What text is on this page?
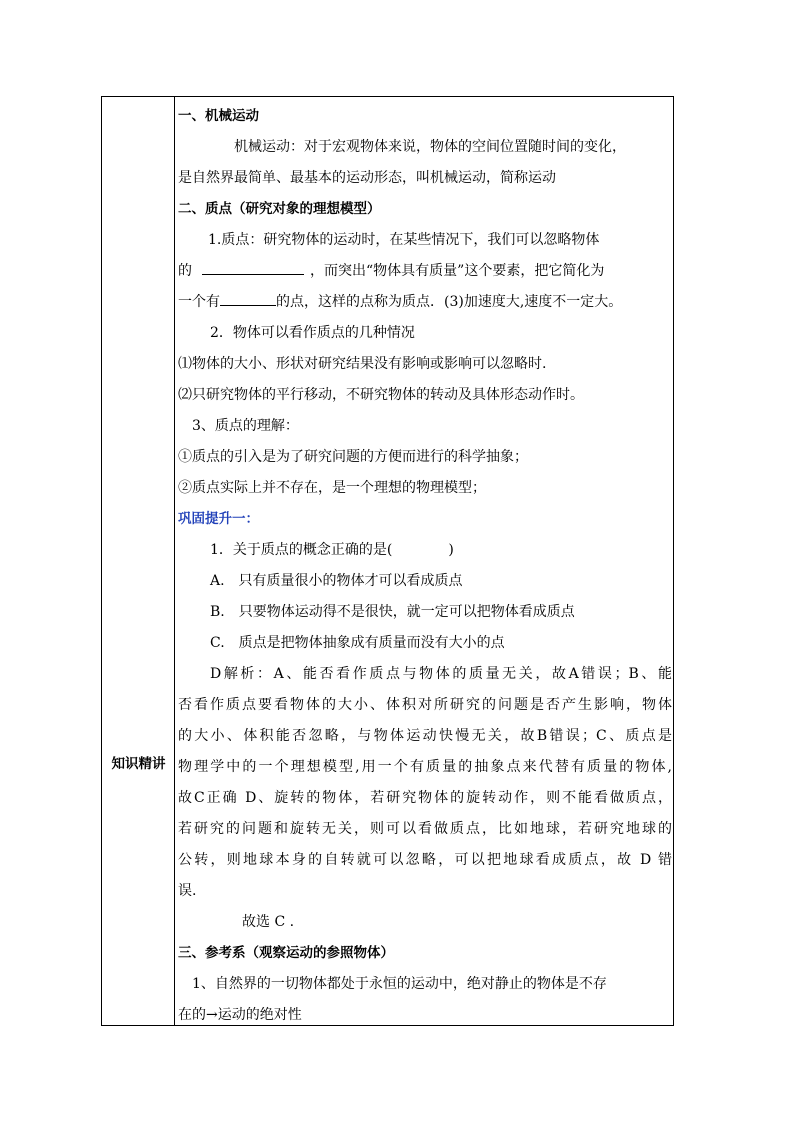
知识精讲
一、机械运动
机械运动：对于宏观物体来说，物体的空间位置随时间的变化，
是自然界最简单、最基本的运动形态，叫机械运动，简称运动
二、质点（研究对象的理想模型）
1.质点：研究物体的运动时，在某些情况下，我们可以忽略物体
的	，而突出“物体具有质量”这个要素，把它简化为
一个有	的点，这样的点称为质点．(3)加速度大,速度不一定大。
2．物体可以看作质点的几种情况
⑴物体的大小、形状对研究结果没有影响或影响可以忽略时.
⑵只研究物体的平行移动，不研究物体的转动及具体形态动作时。
3、质点的理解：
①质点的引入是为了研究问题的方便而进行的科学抽象；
②质点实际上并不存在，是一个理想的物理模型；
巩固提升一：
1．关于质点的概念正确的是(　　　　)
A.　只有质量很小的物体才可以看成质点
B.　只要物体运动得不是很快，就一定可以把物体看成质点
C.　质点是把物体抽象成有质量而没有大小的点
D解析：A、能否看作质点与物体的质量无关，故A错误；B、能
否看作质点要看物体的大小、体积对所研究的问题是否产生影响，物体
的大小、体积能否忽略，与物体运动快慢无关，故B错误；C、质点是
物理学中的一个理想模型,用一个有质量的抽象点来代替有质量的物体,
故C正确 D、旋转的物体，若研究物体的旋转动作，则不能看做质点，
若研究的问题和旋转无关，则可以看做质点，比如地球，若研究地球的
公转，则地球本身的自转就可以忽略，可以把地球看成质点，故 D 错
误.
故选 C .
三、参考系（观察运动的参照物体）
1、自然界的一切物体都处于永恒的运动中，绝对静止的物体是不存
在的→运动的绝对性
